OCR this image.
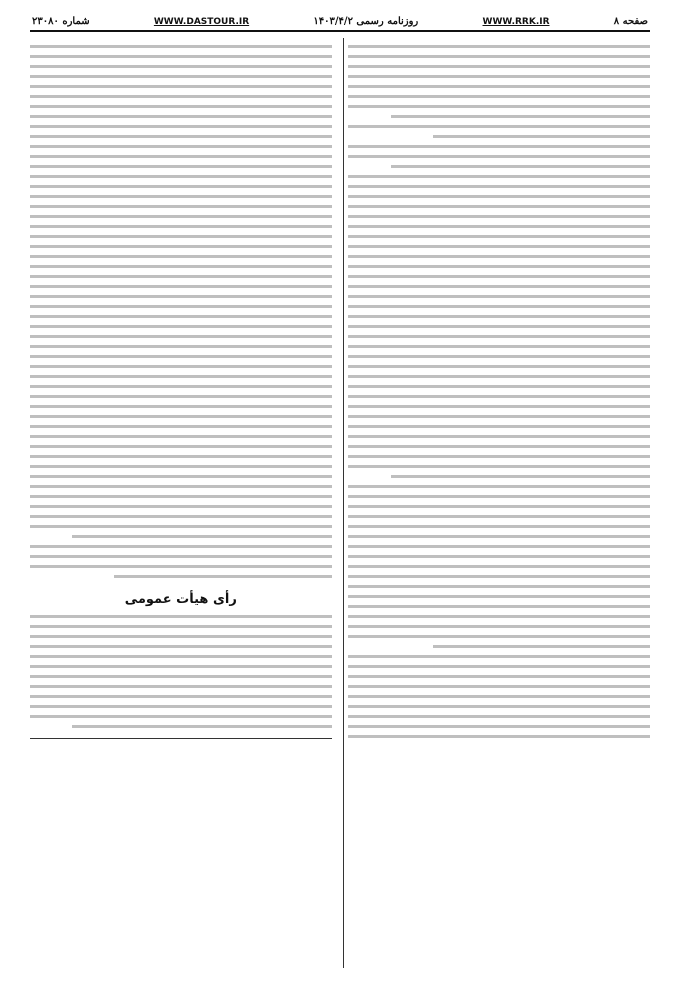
صفحه ۸
WWW.RRK.IR
روزنامه رسمی ۱۴۰۳/۴/۲
WWW.DASTOUR.IR
شماره ۲۳۰۸۰
رأی هیأت عمومی
